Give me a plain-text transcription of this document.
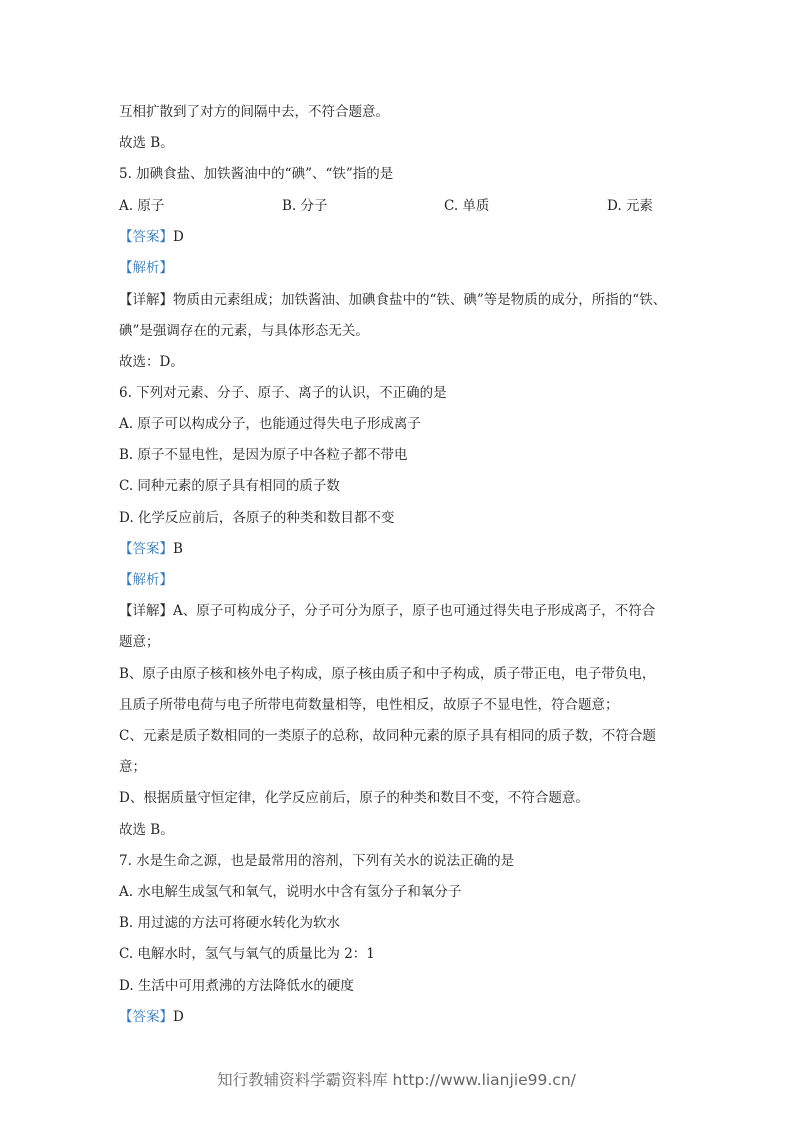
互相扩散到了对方的间隔中去，不符合题意。
故选 B。
5. 加碘食盐、加铁酱油中的“碘”、“铁”指的是
A. 原子	B. 分子	C. 单质	D. 元素
【答案】D
【解析】
【详解】物质由元素组成；加铁酱油、加碘食盐中的“铁、碘”等是物质的成分，所指的“铁、
碘”是强调存在的元素，与具体形态无关。
故选：D。
6. 下列对元素、分子、原子、离子的认识，不正确的是
A. 原子可以构成分子，也能通过得失电子形成离子
B. 原子不显电性，是因为原子中各粒子都不带电
C. 同种元素的原子具有相同的质子数
D. 化学反应前后，各原子的种类和数目都不变
【答案】B
【解析】
【详解】A、原子可构成分子，分子可分为原子，原子也可通过得失电子形成离子，不符合
题意；
B、原子由原子核和核外电子构成，原子核由质子和中子构成，质子带正电，电子带负电，
且质子所带电荷与电子所带电荷数量相等，电性相反，故原子不显电性，符合题意；
C、元素是质子数相同的一类原子的总称，故同种元素的原子具有相同的质子数，不符合题
意；
D、根据质量守恒定律，化学反应前后，原子的种类和数目不变，不符合题意。
故选 B。
7. 水是生命之源，也是最常用的溶剂，下列有关水的说法正确的是
A. 水电解生成氢气和氧气，说明水中含有氢分子和氧分子
B. 用过滤的方法可将硬水转化为软水
C. 电解水时，氢气与氧气的质量比为 2：1
D. 生活中可用煮沸的方法降低水的硬度
【答案】D
知行教辅资料学霸资料库 http://www.lianjie99.cn/
